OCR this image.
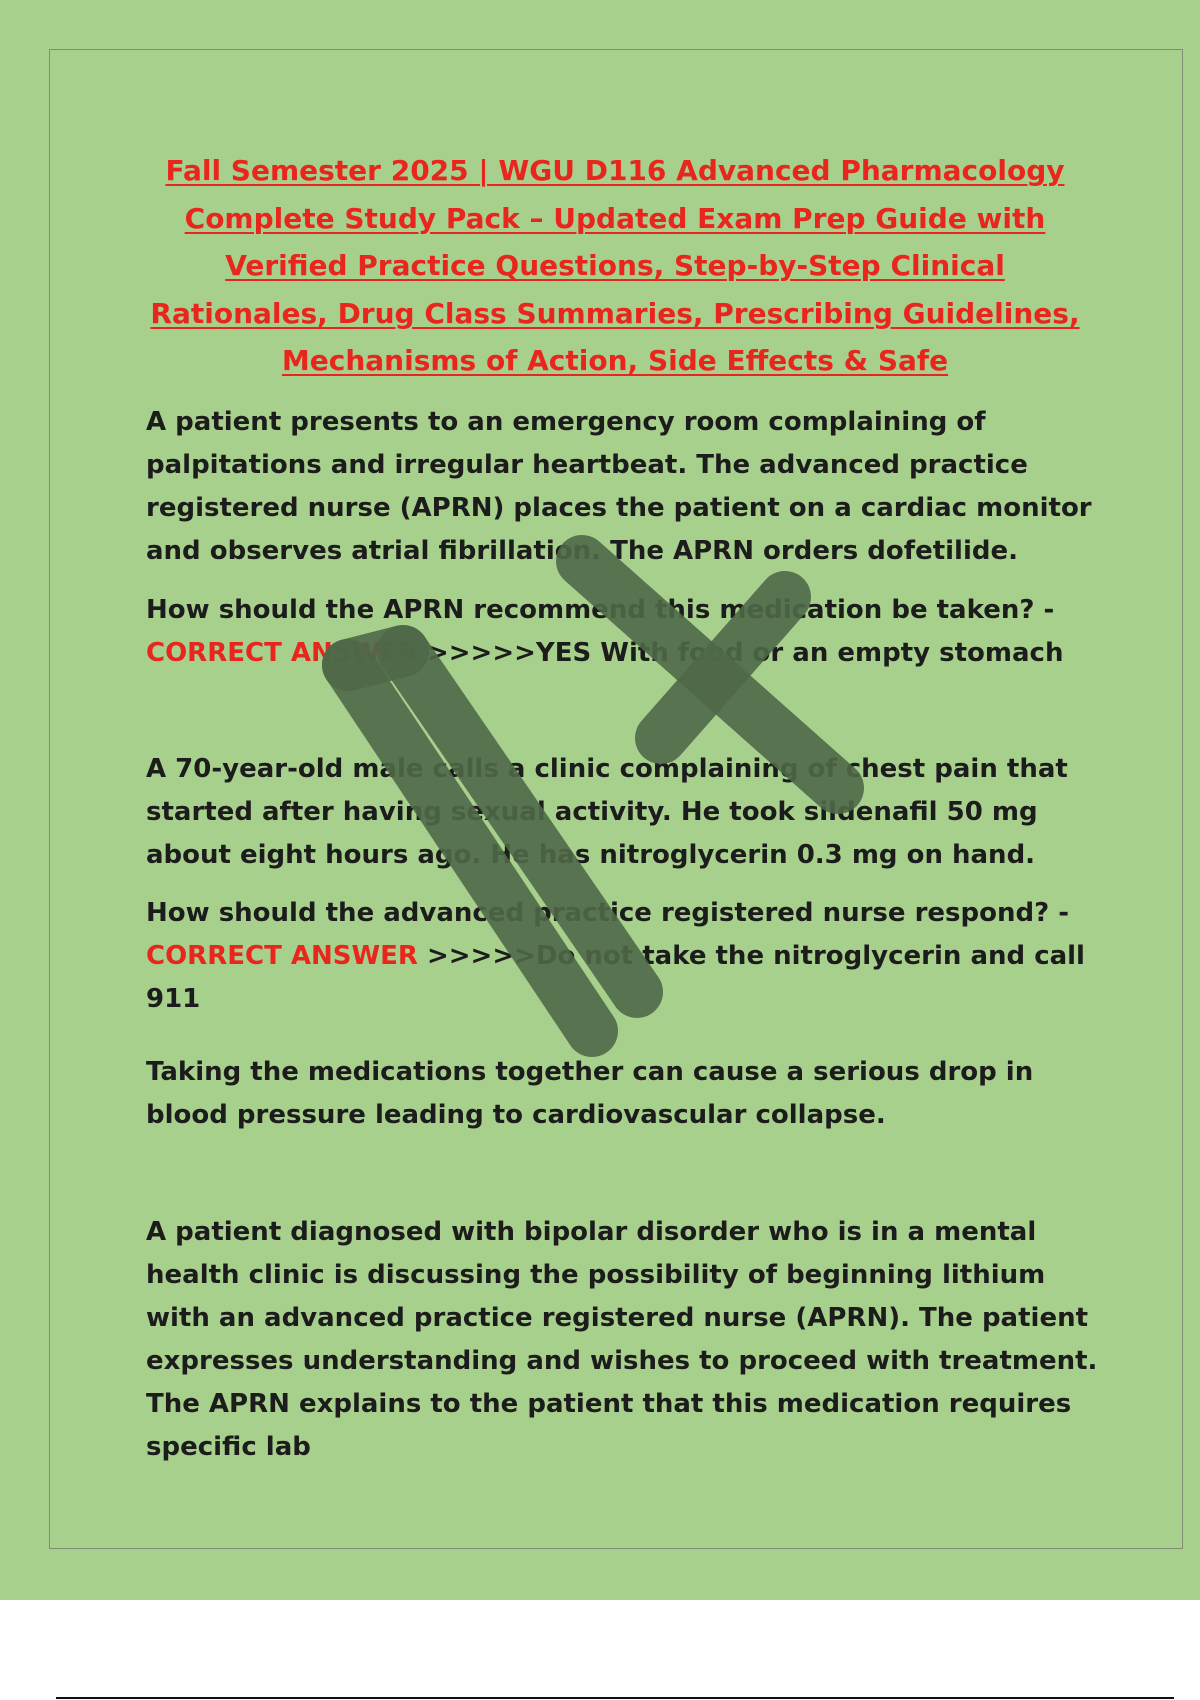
Fall Semester 2025 | WGU D116 Advanced Pharmacology Complete Study Pack – Updated Exam Prep Guide with Verified Practice Questions, Step-by-Step Clinical Rationales, Drug Class Summaries, Prescribing Guidelines, Mechanisms of Action, Side Effects & Safe

A patient presents to an emergency room complaining of palpitations and irregular heartbeat. The advanced practice registered nurse (APRN) places the patient on a cardiac monitor and observes atrial fibrillation. The APRN orders dofetilide.

How should the APRN recommend this medication be taken? -
CORRECT ANSWER >>>>>YES With food or an empty stomach

A 70-year-old male calls a clinic complaining of chest pain that started after having sexual activity. He took sildenafil 50 mg about eight hours ago. He has nitroglycerin 0.3 mg on hand.

How should the advanced practice registered nurse respond? -
CORRECT ANSWER >>>>>Do not take the nitroglycerin and call 911

Taking the medications together can cause a serious drop in blood pressure leading to cardiovascular collapse.

A patient diagnosed with bipolar disorder who is in a mental health clinic is discussing the possibility of beginning lithium with an advanced practice registered nurse (APRN). The patient expresses understanding and wishes to proceed with treatment. The APRN explains to the patient that this medication requires specific lab
